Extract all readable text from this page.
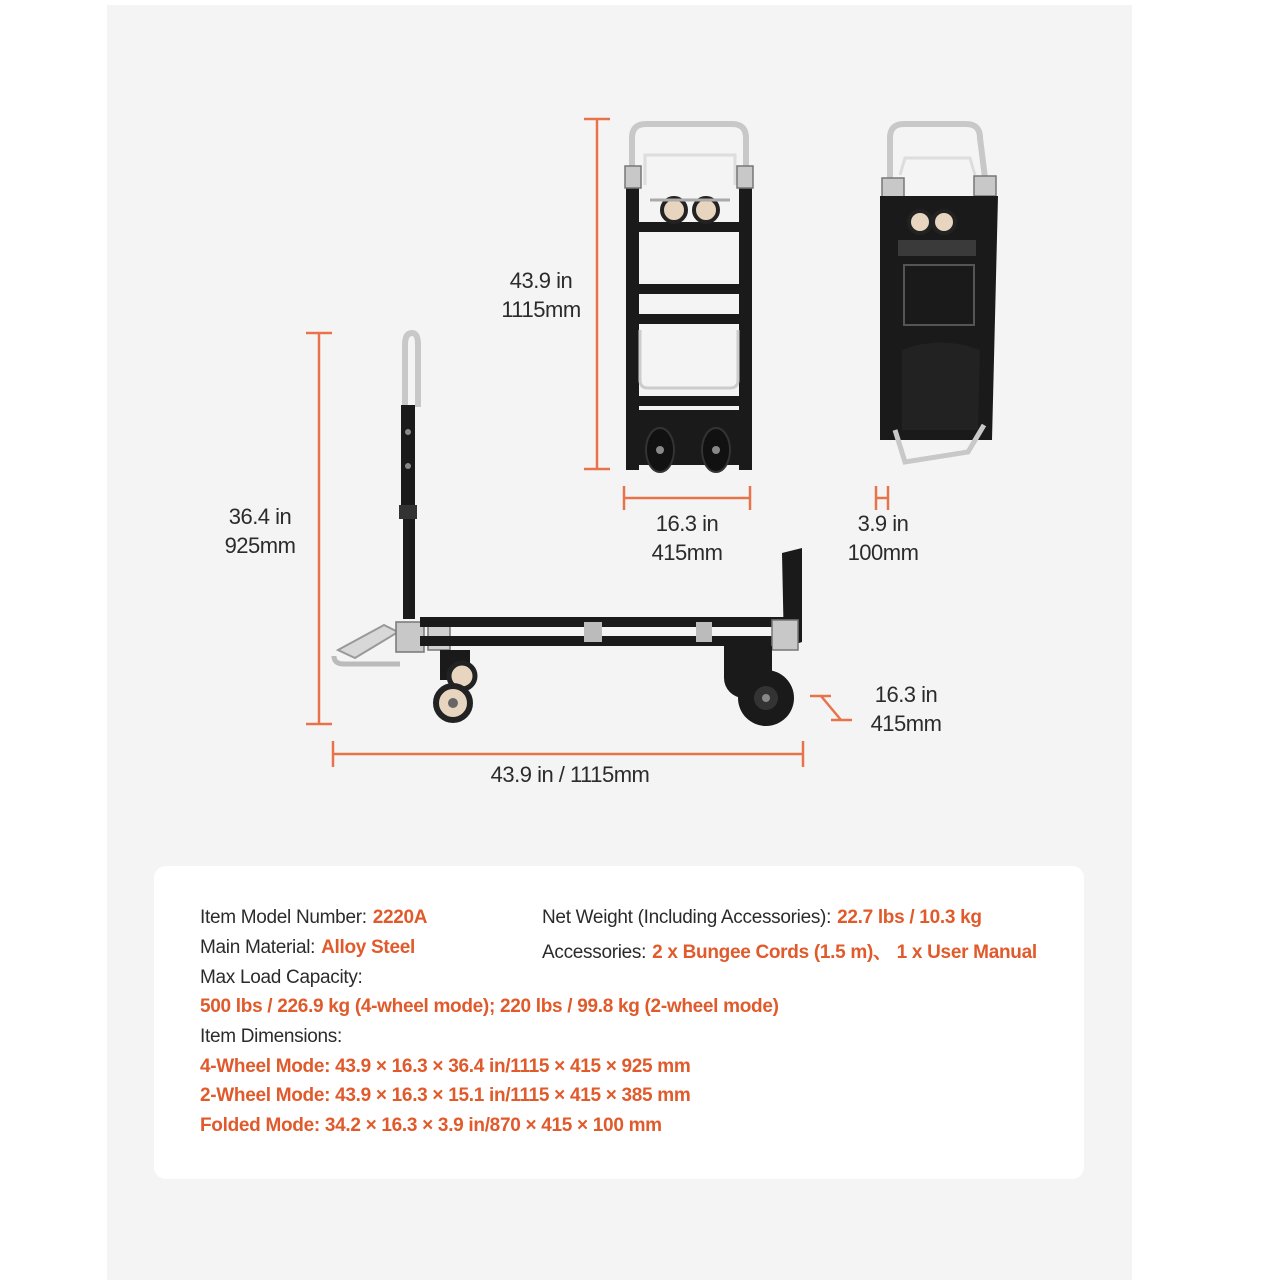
36.4 in
925mm
43.9 in / 1115mm
16.3 in
415mm
43.9 in
1115mm
16.3 in
415mm
3.9 in
100mm
Item Model Number: 2220A	Net Weight (Including Accessories): 22.7 lbs / 10.3 kg
Main Material: Alloy Steel	Accessories: 2 x Bungee Cords (1.5 m)、 1 x User Manual
Max Load Capacity:
500 lbs / 226.9 kg (4-wheel mode); 220 lbs / 99.8 kg (2-wheel mode)
Item Dimensions:
4-Wheel Mode: 43.9 × 16.3 × 36.4 in/1115 × 415 × 925 mm
2-Wheel Mode: 43.9 × 16.3 × 15.1 in/1115 × 415 × 385 mm
Folded Mode: 34.2 × 16.3 × 3.9 in/870 × 415 × 100 mm
